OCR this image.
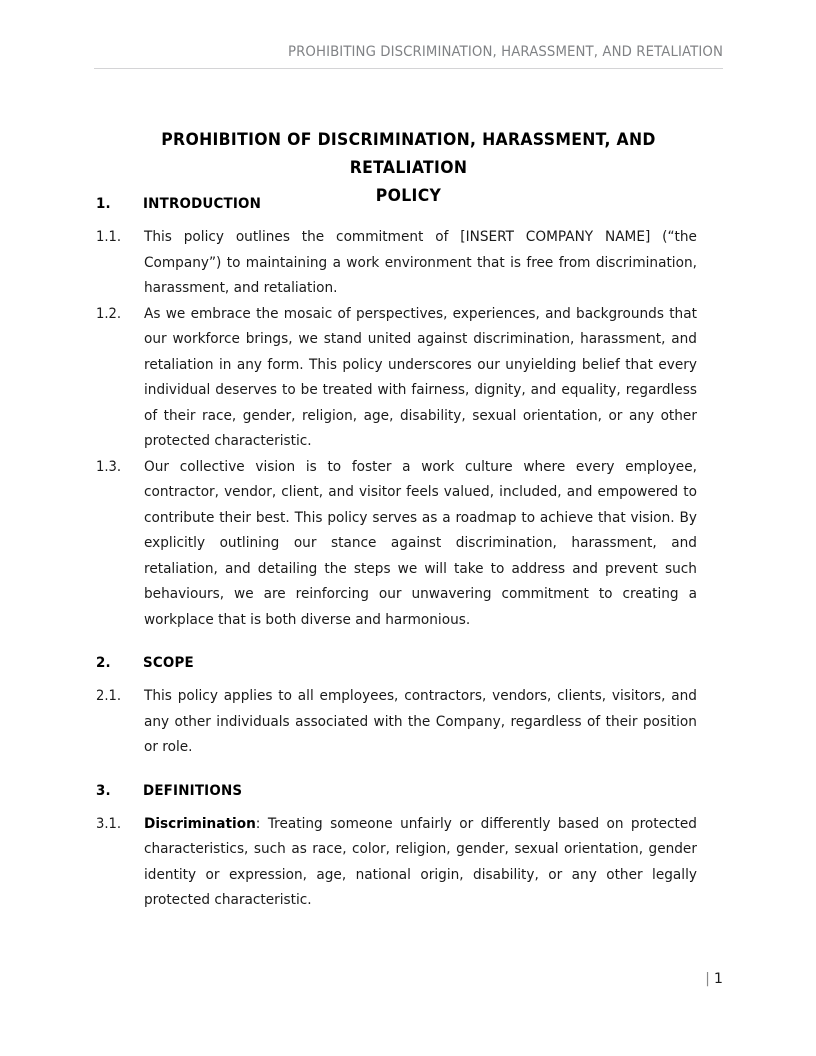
PROHIBITING DISCRIMINATION, HARASSMENT, AND RETALIATION
PROHIBITION OF DISCRIMINATION, HARASSMENT, AND RETALIATION
POLICY
1.	INTRODUCTION
1.1.	This policy outlines the commitment of [INSERT COMPANY NAME] (“the Company”) to maintaining a work environment that is free from discrimination, harassment, and retaliation.
1.2.	As we embrace the mosaic of perspectives, experiences, and backgrounds that our workforce brings, we stand united against discrimination, harassment, and retaliation in any form. This policy underscores our unyielding belief that every individual deserves to be treated with fairness, dignity, and equality, regardless of their race, gender, religion, age, disability, sexual orientation, or any other protected characteristic.
1.3.	Our collective vision is to foster a work culture where every employee, contractor, vendor, client, and visitor feels valued, included, and empowered to contribute their best. This policy serves as a roadmap to achieve that vision. By explicitly outlining our stance against discrimination, harassment, and retaliation, and detailing the steps we will take to address and prevent such behaviours, we are reinforcing our unwavering commitment to creating a workplace that is both diverse and harmonious.
2.	SCOPE
2.1.	This policy applies to all employees, contractors, vendors, clients, visitors, and any other individuals associated with the Company, regardless of their position or role.
3.	DEFINITIONS
3.1.	Discrimination: Treating someone unfairly or differently based on protected characteristics, such as race, color, religion, gender, sexual orientation, gender identity or expression, age, national origin, disability, or any other legally protected characteristic.
| 1
